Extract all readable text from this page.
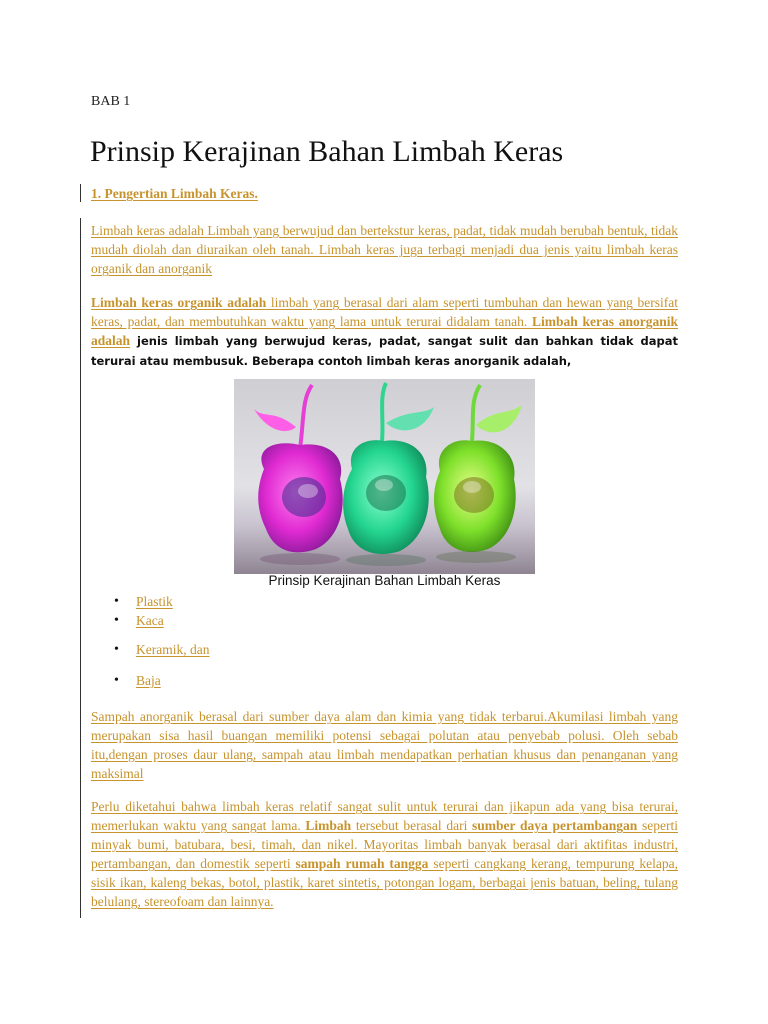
BAB 1
Prinsip Kerajinan Bahan Limbah Keras
1. Pengertian Limbah Keras.

Limbah keras adalah Limbah yang berwujud dan bertekstur keras, padat, tidak mudah berubah bentuk, tidak mudah diolah dan diuraikan oleh tanah. Limbah keras juga terbagi menjadi dua jenis yaitu limbah keras organik dan anorganik

Limbah keras organik adalah limbah yang berasal dari alam seperti tumbuhan dan hewan yang bersifat keras, padat, dan membutuhkan waktu yang lama untuk terurai didalam tanah. Limbah keras anorganik adalah jenis limbah yang berwujud keras, padat, sangat sulit dan bahkan tidak dapat terurai atau membusuk. Beberapa contoh limbah keras anorganik adalah,

Prinsip Kerajinan Bahan Limbah Keras
• Plastik
• Kaca
• Keramik, dan
• Baja

Sampah anorganik berasal dari sumber daya alam dan kimia yang tidak terbarui.Akumilasi limbah yang merupakan sisa hasil buangan memiliki potensi sebagai polutan atau penyebab polusi. Oleh sebab itu,dengan proses daur ulang, sampah atau limbah mendapatkan perhatian khusus dan penanganan yang maksimal

Perlu diketahui bahwa limbah keras relatif sangat sulit untuk terurai dan jikapun ada yang bisa terurai, memerlukan waktu yang sangat lama. Limbah tersebut berasal dari sumber daya pertambangan seperti minyak bumi, batubara, besi, timah, dan nikel. Mayoritas limbah banyak berasal dari aktifitas industri, pertambangan, dan domestik seperti sampah rumah tangga seperti cangkang kerang, tempurung kelapa, sisik ikan, kaleng bekas, botol, plastik, karet sintetis, potongan logam, berbagai jenis batuan, beling, tulang belulang, stereofoam dan lainnya.
